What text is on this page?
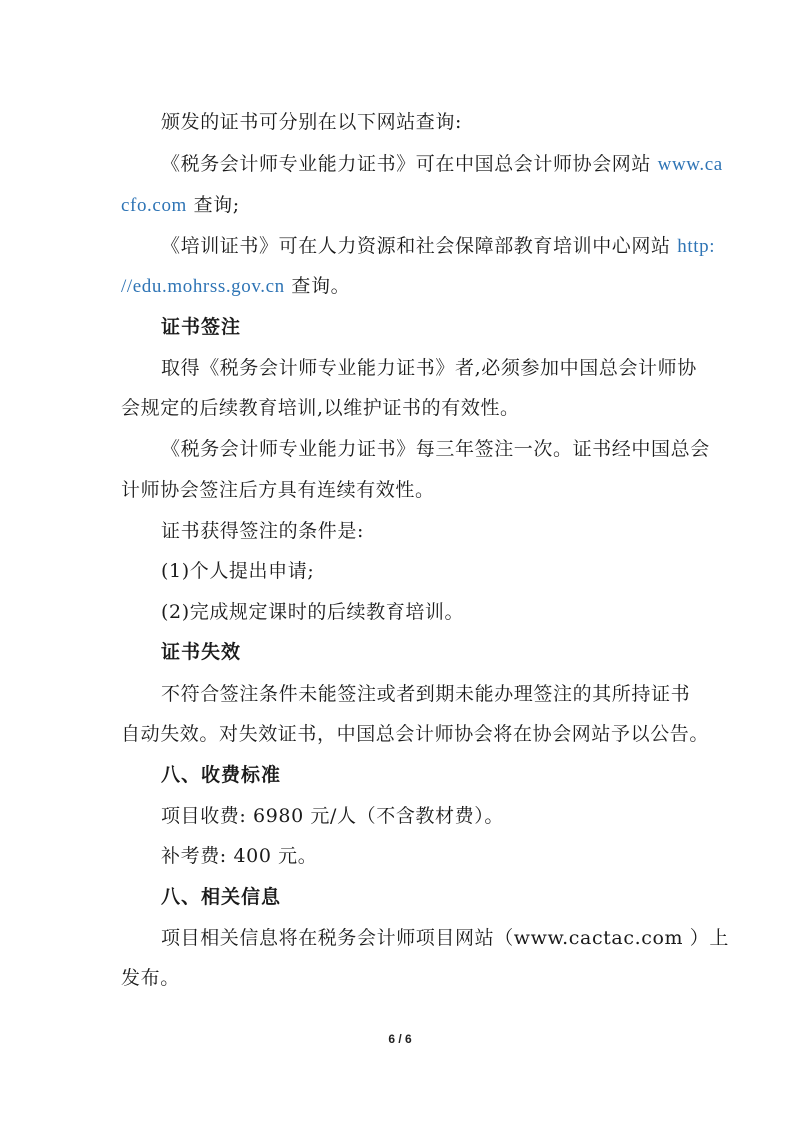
颁发的证书可分别在以下网站查询:
《税务会计师专业能力证书》可在中国总会计师协会网站 www.ca
cfo.com 查询;
《培训证书》可在人力资源和社会保障部教育培训中心网站 http:
//edu.mohrss.gov.cn 查询。
证书签注
取得《税务会计师专业能力证书》者,必须参加中国总会计师协
会规定的后续教育培训,以维护证书的有效性。
《税务会计师专业能力证书》每三年签注一次。证书经中国总会
计师协会签注后方具有连续有效性。
证书获得签注的条件是:
(1)个人提出申请;
(2)完成规定课时的后续教育培训。
证书失效
不符合签注条件未能签注或者到期未能办理签注的其所持证书
自动失效。对失效证书，中国总会计师协会将在协会网站予以公告。
八、收费标准
项目收费: 6980 元/人（不含教材费）。
补考费: 400 元。
八、相关信息
项目相关信息将在税务会计师项目网站（www.cactac.com ）上
发布。
6 / 6
